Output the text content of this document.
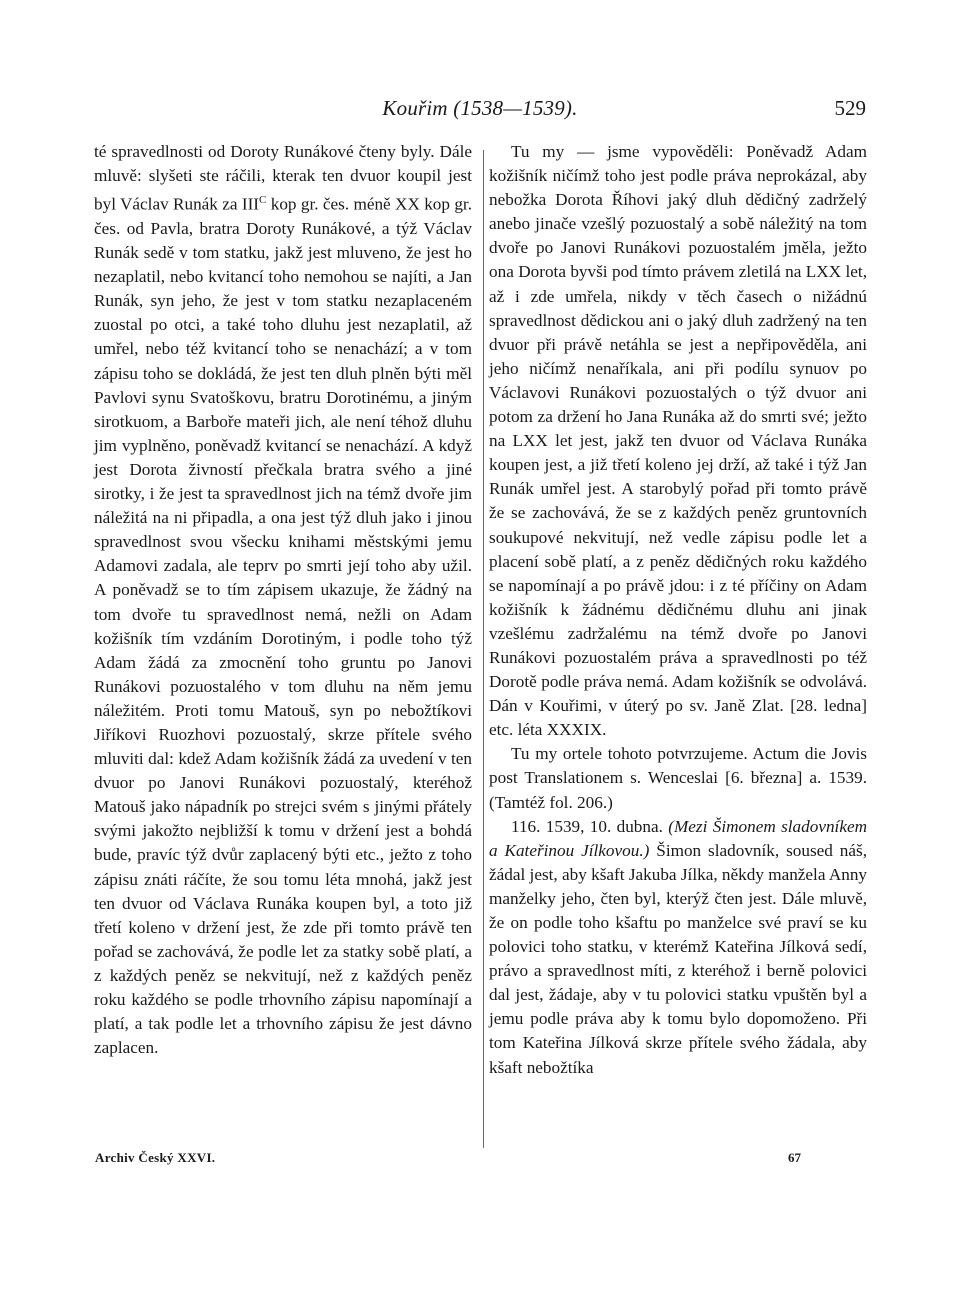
Kouřim (1538—1539).	529

té spravedlnosti od Doroty Runákové čteny byly. Dále mluvě: slyšeti ste ráčili, kterak ten dvuor koupil jest byl Václav Runák za $III^C$ kop gr. čes. méně XX kop gr. čes. od Pavla, bratra Doroty Runákové, a týž Václav Runák sedě v tom statku, jakž jest mluveno, že jest ho nezaplatil, nebo kvitancí toho nemohou se najíti, a Jan Runák, syn jeho, že jest v tom statku nezaplaceném zuostal po otci, a také toho dluhu jest nezaplatil, až umřel, nebo též kvitancí toho se nenachází; a v tom zápisu toho se dokládá, že jest ten dluh plněn býti měl Pavlovi synu Svatoškovu, bratru Dorotinému, a jiným sirotkuom, a Barboře mateři jich, ale není téhož dluhu jim vyplněno, poněvadž kvitancí se nenachází. A když jest Dorota živností přečkala bratra svého a jiné sirotky, i že jest ta spravedlnost jich na témž dvoře jim náležitá na ni připadla, a ona jest týž dluh jako i jinou spravedlnost svou všecku knihami městskými jemu Adamovi zadala, ale teprv po smrti její toho aby užil. A poněvadž se to tím zápisem ukazuje, že žádný na tom dvoře tu spravedlnost nemá, nežli on Adam kožišník tím vzdáním Dorotiným, i podle toho týž Adam žádá za zmocnění toho gruntu po Janovi Runákovi pozuostalého v tom dluhu na něm jemu náležitém. Proti tomu Matouš, syn po nebožtíkovi Jiříkovi Ruozhovi pozuostalý, skrze přítele svého mluviti dal: kdež Adam kožišník žádá za uvedení v ten dvuor po Janovi Runákovi pozuostalý, kteréhož Matouš jako nápadník po strejci svém s jinými přátely svými jakožto nejbližší k tomu v držení jest a bohdá bude, pravíc týž dvůr zaplacený býti etc., ježto z toho zápisu znáti ráčíte, že sou tomu léta mnohá, jakž jest ten dvuor od Václava Runáka koupen byl, a toto již třetí koleno v držení jest, že zde při tomto právě ten pořad se zachovává, že podle let za statky sobě platí, a z každých peněz se nekvitují, než z každých peněz roku každého se podle trhovního zápisu napomínají a platí, a tak podle let a trhovního zápisu že jest dávno zaplacen.

Tu my — jsme vypověděli: Poněvadž Adam kožišník ničímž toho jest podle práva neprokázal, aby nebožka Dorota Říhovi jaký dluh dědičný zadrželý anebo jinače vzešlý pozuostalý a sobě náležitý na tom dvoře po Janovi Runákovi pozuostalém jměla, ježto ona Dorota byvši pod tímto právem zletilá na LXX let, až i zde umřela, nikdy v těch časech o nižádnú spravedlnost dědickou ani o jaký dluh zadržený na ten dvuor při právě netáhla se jest a nepřipověděla, ani jeho ničímž nenaříkala, ani při podílu synuov po Václavovi Runákovi pozuostalých o týž dvuor ani potom za držení ho Jana Runáka až do smrti své; ježto na LXX let jest, jakž ten dvuor od Václava Runáka koupen jest, a již třetí koleno jej drží, až také i týž Jan Runák umřel jest. A starobylý pořad při tomto právě že se zachovává, že se z každých peněz gruntovních soukupové nekvitují, než vedle zápisu podle let a placení sobě platí, a z peněz dědičných roku každého se napomínají a po právě jdou: i z té příčiny on Adam kožišník k žádnému dědičnému dluhu ani jinak vzešlému zadržalému na témž dvoře po Janovi Runákovi pozuostalém práva a spravedlnosti po též Dorotě podle práva nemá. Adam kožišník se odvolává. Dán v Kouřimi, v úterý po sv. Janě Zlat. [28. ledna] etc. léta XXXIX.

Tu my ortele tohoto potvrzujeme. Actum die Jovis post Translationem s. Wenceslai [6. března] a. 1539. (Tamtéž fol. 206.)

116. 1539, 10. dubna. (Mezi Šimonem sladovníkem a Kateřinou Jílkovou.) Šimon sladovník, soused náš, žádal jest, aby kšaft Jakuba Jílka, někdy manžela Anny manželky jeho, čten byl, kterýž čten jest. Dále mluvě, že on podle toho kšaftu po manželce své praví se ku polovici toho statku, v kterémž Kateřina Jílková sedí, právo a spravedlnost míti, z kteréhož i berně polovici dal jest, žádaje, aby v tu polovici statku vpuštěn byl a jemu podle práva aby k tomu bylo dopomoženo. Při tom Kateřina Jílková skrze přítele svého žádala, aby kšaft nebožtíka

Archiv Český XXVI.	67
